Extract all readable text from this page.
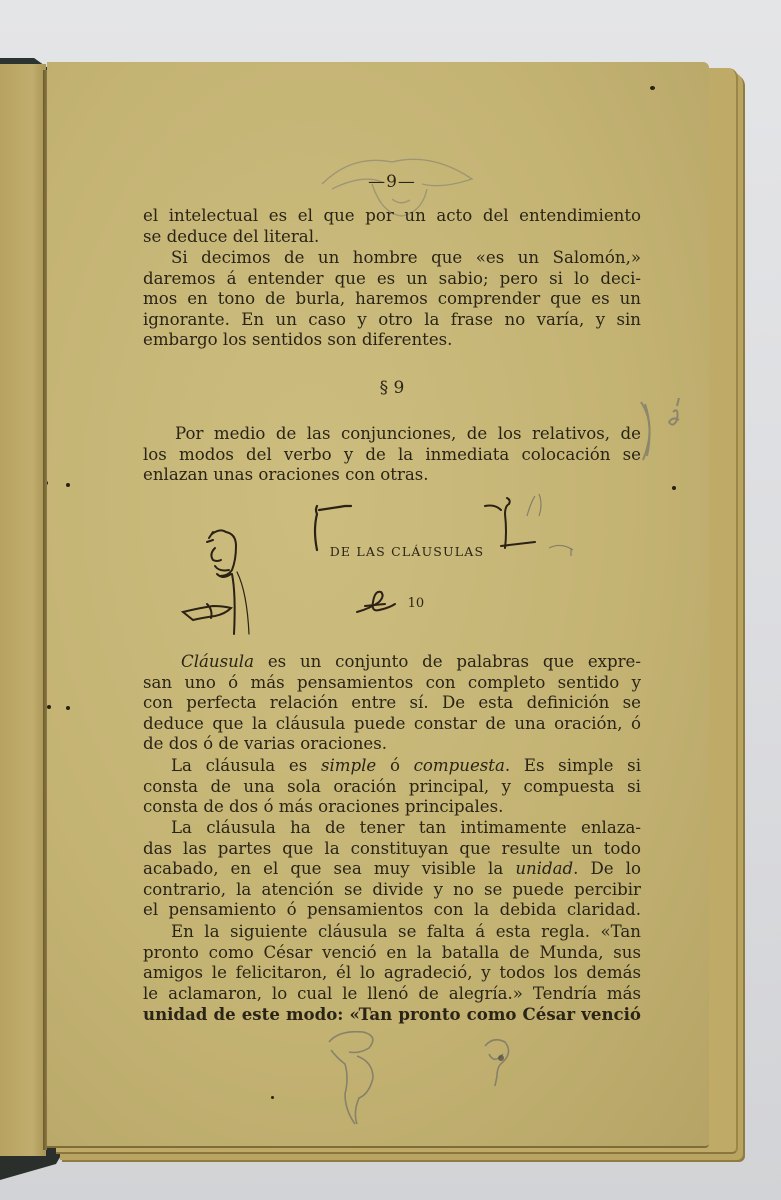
—9—
el intelectual es el que por un acto del entendimiento
se deduce del literal.
Si decimos de un hombre que «es un Salomón,»
daremos á entender que es un sabio; pero si lo deci-
mos en tono de burla, haremos comprender que es un
ignorante. En un caso y otro la frase no varía, y sin
embargo los sentidos son diferentes.
§ 9
Por medio de las conjunciones, de los relativos, de
los modos del verbo y de la inmediata colocación se
enlazan unas oraciones con otras.
DE LAS CLÁUSULAS
10
Cláusula es un conjunto de palabras que expre-
san uno ó más pensamientos con completo sentido y
con perfecta relación entre sí. De esta definición se
deduce que la cláusula puede constar de una oración, ó
de dos ó de varias oraciones.
La cláusula es simple ó compuesta. Es simple si
consta de una sola oración principal, y compuesta si
consta de dos ó más oraciones principales.
La cláusula ha de tener tan intimamente enlaza-
das las partes que la constituyan que resulte un todo
acabado, en el que sea muy visible la unidad. De lo
contrario, la atención se divide y no se puede percibir
el pensamiento ó pensamientos con la debida claridad.
En la siguiente cláusula se falta á esta regla. «Tan
pronto como César venció en la batalla de Munda, sus
amigos le felicitaron, él lo agradeció, y todos los demás
le aclamaron, lo cual le llenó de alegría.» Tendría más
unidad de este modo: «Tan pronto como César venció
